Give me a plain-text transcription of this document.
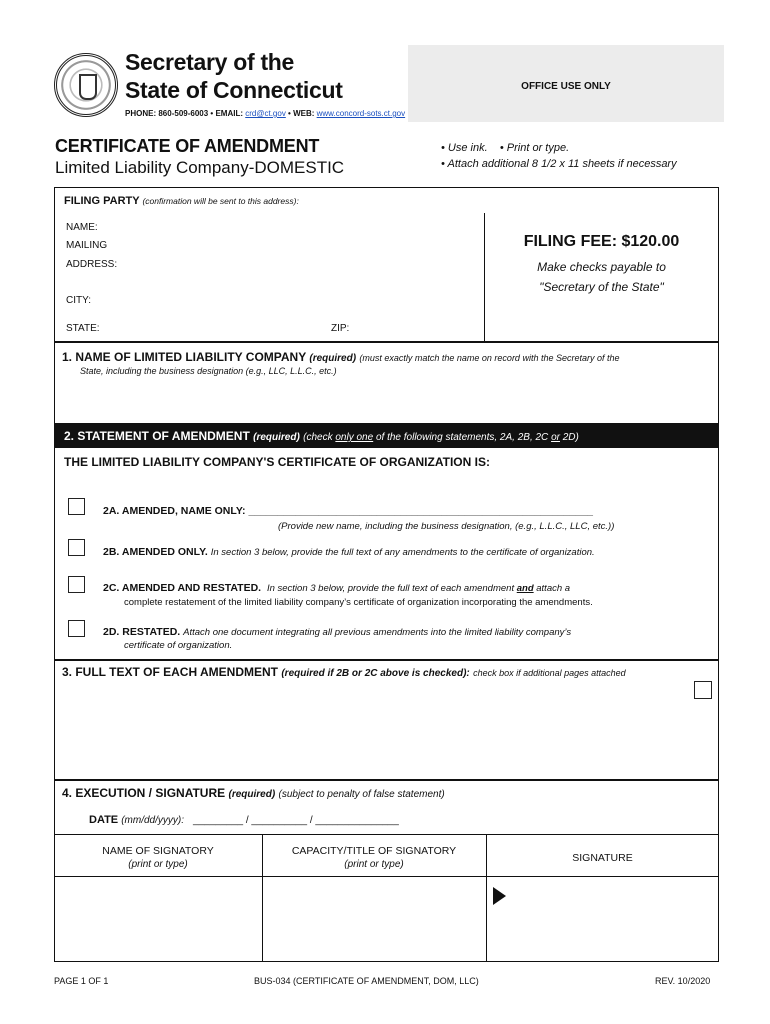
Secretary of the
State of Connecticut
PHONE: 860-509-6003 • EMAIL: crd@ct.gov • WEB: www.concord-sots.ct.gov
OFFICE USE ONLY
CERTIFICATE OF AMENDMENT
Limited Liability Company-DOMESTIC
• Use ink. • Print or type.
• Attach additional 8 1/2 x 11 sheets if necessary
FILING PARTY (confirmation will be sent to this address):
NAME:
MAILING
ADDRESS:
CITY:
STATE:	ZIP:
FILING FEE: $120.00
Make checks payable to
"Secretary of the State"
1. NAME OF LIMITED LIABILITY COMPANY (required) (must exactly match the name on record with the Secretary of the
State, including the business designation (e.g., LLC, L.L.C., etc.)
2. STATEMENT OF AMENDMENT (required) (check only one of the following statements, 2A, 2B, 2C or 2D)
THE LIMITED LIABILITY COMPANY'S CERTIFICATE OF ORGANIZATION IS:
2A. AMENDED, NAME ONLY: ___________________________________________________________
(Provide new name, including the business designation, (e.g., L.L.C., LLC, etc.))
2B. AMENDED ONLY. In section 3 below, provide the full text of any amendments to the certificate of organization.
2C. AMENDED AND RESTATED. In section 3 below, provide the full text of each amendment and attach a
complete restatement of the limited liability company’s certificate of organization incorporating the amendments.
2D. RESTATED. Attach one document integrating all previous amendments into the limited liability company’s
certificate of organization.
3. FULL TEXT OF EACH AMENDMENT (required if 2B or 2C above is checked): check box if additional pages attached
4. EXECUTION / SIGNATURE (required) (subject to penalty of false statement)
DATE (mm/dd/yyyy): _________ / __________ / _______________
NAME OF SIGNATORY
(print or type)
CAPACITY/TITLE OF SIGNATORY
(print or type)
SIGNATURE
PAGE 1 OF 1	BUS-034 (CERTIFICATE OF AMENDMENT, DOM, LLC)	REV. 10/2020
